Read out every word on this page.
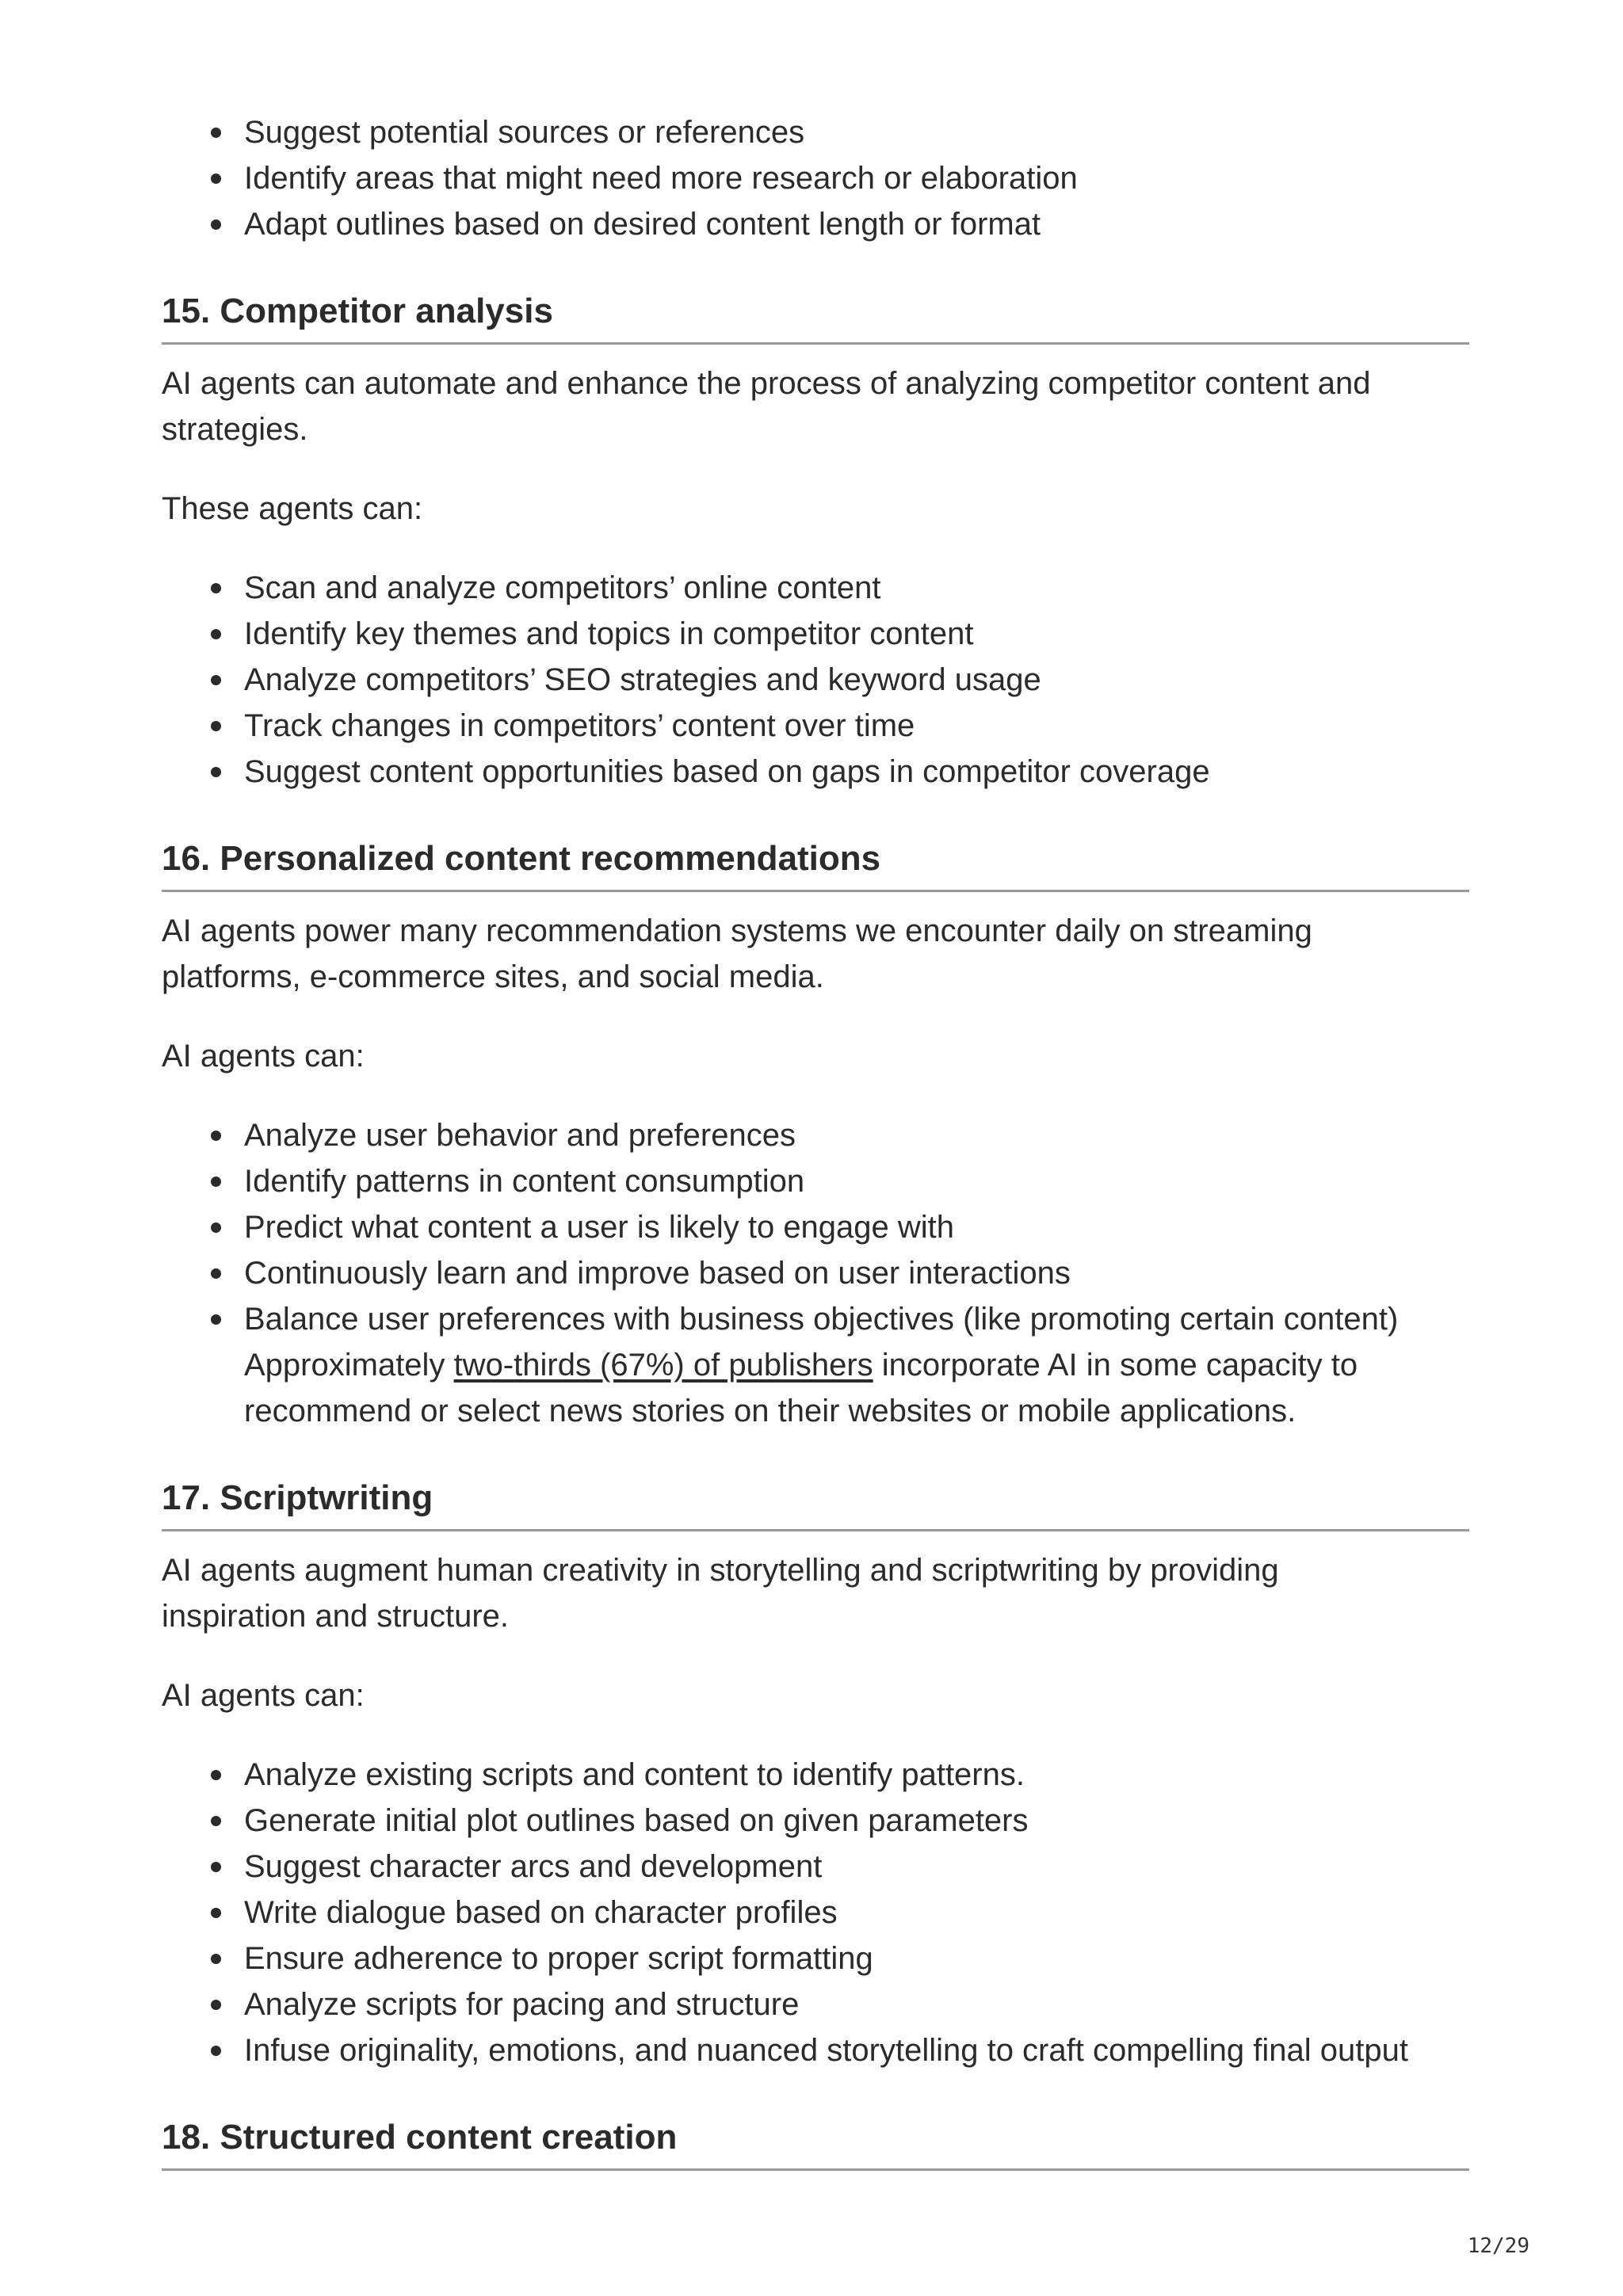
Suggest potential sources or references
Identify areas that might need more research or elaboration
Adapt outlines based on desired content length or format
15. Competitor analysis

AI agents can automate and enhance the process of analyzing competitor content and
strategies.

These agents can:

Scan and analyze competitors’ online content
Identify key themes and topics in competitor content
Analyze competitors’ SEO strategies and keyword usage
Track changes in competitors’ content over time
Suggest content opportunities based on gaps in competitor coverage
16. Personalized content recommendations

AI agents power many recommendation systems we encounter daily on streaming
platforms, e-commerce sites, and social media.

AI agents can:

Analyze user behavior and preferences
Identify patterns in content consumption
Predict what content a user is likely to engage with
Continuously learn and improve based on user interactions
Balance user preferences with business objectives (like promoting certain content)
Approximately two-thirds (67%) of publishers incorporate AI in some capacity to
recommend or select news stories on their websites or mobile applications.
17. Scriptwriting

AI agents augment human creativity in storytelling and scriptwriting by providing
inspiration and structure.

AI agents can:

Analyze existing scripts and content to identify patterns.
Generate initial plot outlines based on given parameters
Suggest character arcs and development
Write dialogue based on character profiles
Ensure adherence to proper script formatting
Analyze scripts for pacing and structure
Infuse originality, emotions, and nuanced storytelling to craft compelling final output
18. Structured content creation
12/29
